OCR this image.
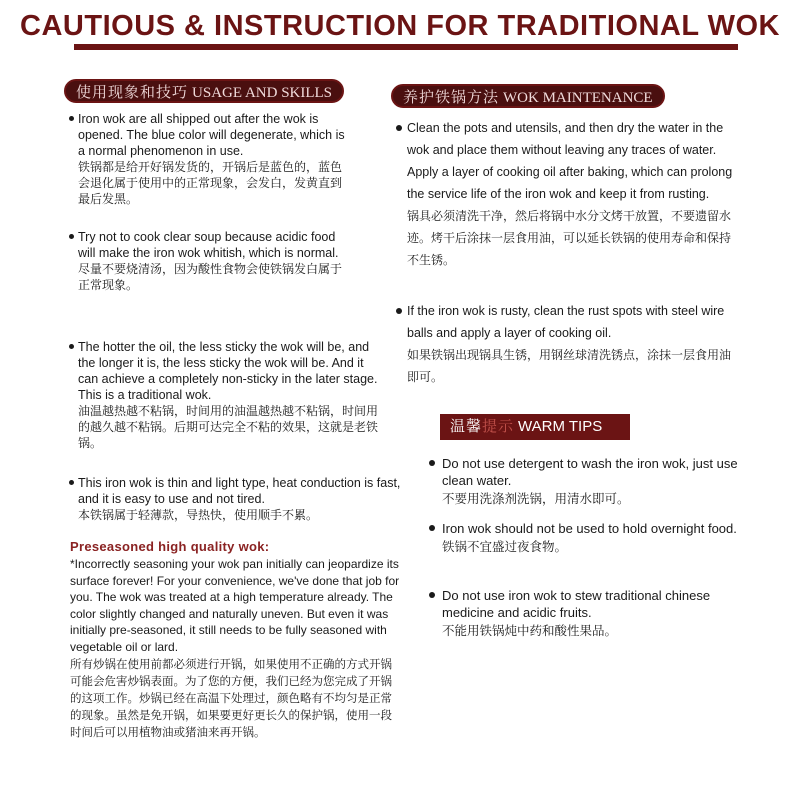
CAUTIOUS & INSTRUCTION FOR TRADITIONAL WOK
使用现象和技巧 USAGE AND SKILLS

Iron wok are all shipped out after the wok is opened. The blue color will degenerate, which is a normal phenomenon in use.

铁锅都是给开好锅发货的，开锅后是蓝色的，蓝色会退化属于使用中的正常现象，会发白，发黄直到最后发黑。

Try not to cook clear soup because acidic food will make the iron wok whitish, which is normal.

尽量不要烧清汤，因为酸性食物会使铁锅发白属于正常现象。

The hotter the oil, the less sticky the wok will be, and the longer it is, the less sticky the wok will be. And it can achieve a completely non-sticky in the later stage. This is a traditional wok.

油温越热越不粘锅，时间用的油温越热越不粘锅，时间用的越久越不粘锅。后期可达完全不粘的效果，这就是老铁锅。

This iron wok is thin and light type, heat conduction is fast, and it is easy to use and not tired.

本铁锅属于轻薄款，导热快，使用顺手不累。

Preseasoned high quality wok:

*Incorrectly seasoning your wok pan initially can jeopardize its surface forever! For your convenience, we've done that job for you. The wok was treated at a high temperature already. The color slightly changed and naturally uneven. But even it was initially pre-seasoned, it still needs to be fully seasoned with vegetable oil or lard.

所有炒锅在使用前都必须进行开锅，如果使用不正确的方式开锅可能会危害炒锅表面。为了您的方便，我们已经为您完成了开锅的这项工作。炒锅已经在高温下处理过，颜色略有不均匀是正常的现象。虽然是免开锅，如果要更好更长久的保护锅，使用一段时间后可以用植物油或猪油来再开锅。

养护铁锅方法 WOK MAINTENANCE

Clean the pots and utensils, and then dry the water in the wok and place them without leaving any traces of water. Apply a layer of cooking oil after baking, which can prolong the service life of the iron wok and keep it from rusting.

锅具必须清洗干净，然后将锅中水分文烤干放置，不要遗留水迹。烤干后涂抹一层食用油，可以延长铁锅的使用寿命和保持不生锈。

If the iron wok is rusty, clean the rust spots with steel wire balls and apply a layer of cooking oil.

如果铁锅出现锅具生锈，用钢丝球清洗锈点，涂抹一层食用油即可。

温馨提示 WARM TIPS

Do not use detergent to wash the iron wok, just use clean water.

不要用洗涤剂洗锅，用清水即可。

Iron wok should not be used to hold overnight food.

铁锅不宜盛过夜食物。

Do not use iron wok to stew traditional chinese medicine and acidic fruits.

不能用铁锅炖中药和酸性果品。
